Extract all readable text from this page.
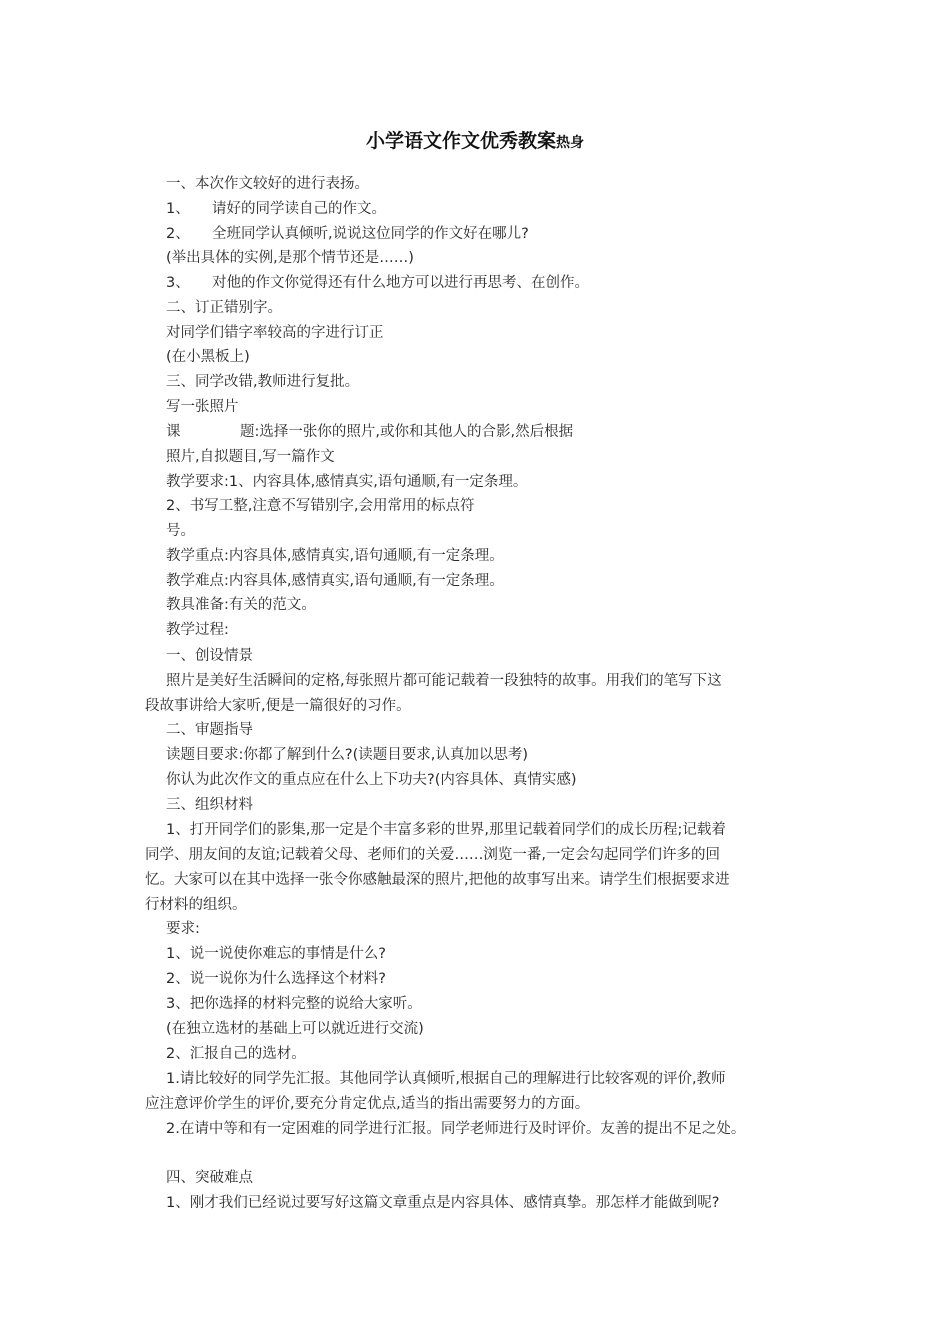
小学语文作文优秀教案热身
一、本次作文较好的进行表扬。
1、 请好的同学读自己的作文。
2、 全班同学认真倾听,说说这位同学的作文好在哪儿?
(举出具体的实例,是那个情节还是……)
3、 对他的作文你觉得还有什么地方可以进行再思考、在创作。
二、订正错别字。
对同学们错字率较高的字进行订正
(在小黑板上)
三、同学改错,教师进行复批。
写一张照片
课	题:选择一张你的照片,或你和其他人的合影,然后根据
照片,自拟题目,写一篇作文
教学要求:1、内容具体,感情真实,语句通顺,有一定条理。
2、书写工整,注意不写错别字,会用常用的标点符
号。
教学重点:内容具体,感情真实,语句通顺,有一定条理。
教学难点:内容具体,感情真实,语句通顺,有一定条理。
教具准备:有关的范文。
教学过程:
一、创设情景
照片是美好生活瞬间的定格,每张照片都可能记载着一段独特的故事。用我们的笔写下这
段故事讲给大家听,便是一篇很好的习作。
二、审题指导
读题目要求:你都了解到什么?(读题目要求,认真加以思考)
你认为此次作文的重点应在什么上下功夫?(内容具体、真情实感)
三、组织材料
1、打开同学们的影集,那一定是个丰富多彩的世界,那里记载着同学们的成长历程;记载着
同学、朋友间的友谊;记载着父母、老师们的关爱……浏览一番,一定会勾起同学们许多的回
忆。大家可以在其中选择一张令你感触最深的照片,把他的故事写出来。请学生们根据要求进
行材料的组织。
要求:
1、说一说使你难忘的事情是什么?
2、说一说你为什么选择这个材料?
3、把你选择的材料完整的说给大家听。
(在独立选材的基础上可以就近进行交流)
2、汇报自己的选材。
1.请比较好的同学先汇报。其他同学认真倾听,根据自己的理解进行比较客观的评价,教师
应注意评价学生的评价,要充分肯定优点,适当的指出需要努力的方面。
2.在请中等和有一定困难的同学进行汇报。同学老师进行及时评价。友善的提出不足之处。
四、突破难点
1、刚才我们已经说过要写好这篇文章重点是内容具体、感情真挚。那怎样才能做到呢?
